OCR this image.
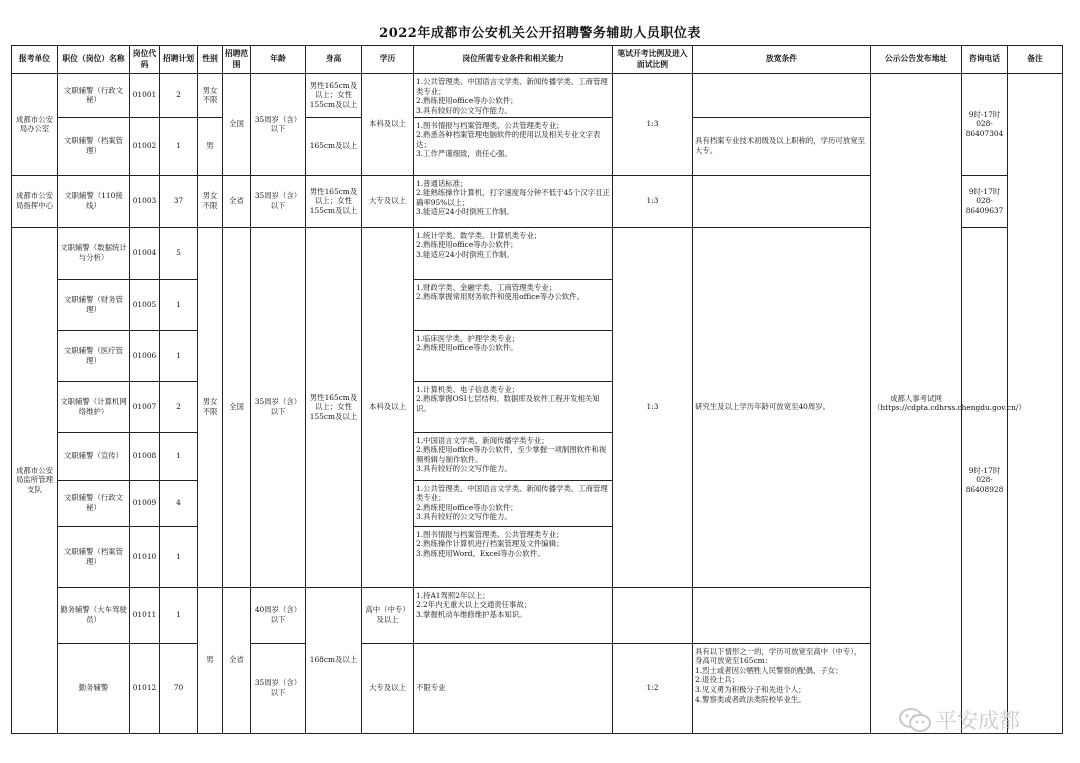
2022年成都市公安机关公开招聘警务辅助人员职位表
报考单位	职位（岗位）名称	岗位代码	招聘计划	性别	招聘范围	年龄	身高	学历	岗位所需专业条件和相关能力	笔试开考比例及进入面试比例	放宽条件	公示公告发布地址	咨询电话	备注
成都市公安局办公室	文职辅警（行政文秘）	01001	2	男女不限	全国	35周岁（含）以下	男性165cm及以上；女性155cm及以上	本科及以上	1.公共管理类、中国语言文学类、新闻传播学类、工商管理类专业；
2.熟练使用office等办公软件；
3.具有较好的公文写作能力。	1:3		成都人事考试网（https://cdpta.cdhrss.chengdu.gov.cn/）	9时-17时
028-86407304	
	文职辅警（档案管理）	01002	1	男			165cm及以上		1.图书情报与档案管理类、公共管理类专业；
2.熟悉各种档案管理电脑软件的使用以及相关专业文字表达；
3.工作严谨细致，责任心强。		具有档案专业技术初级及以上职称的，学历可放宽至大专。			
成都市公安局指挥中心	文职辅警（110接线）	01003	37	男女不限	全省	35周岁（含）以下	男性165cm及以上；女性155cm及以上	大专及以上	1.普通话标准；
2.能熟练操作计算机，打字速度每分钟不低于45个汉字且正确率95%以上；
3.能适应24小时倒班工作制。	1:3			9时-17时
028-86409637	
成都市公安局监所管理支队	文职辅警（数据统计与分析）	01004	5	男女不限	全国	35周岁（含）以下	男性165cm及以上；女性155cm及以上	本科及以上	1.统计学类、数学类、计算机类专业；
2.熟练使用office等办公软件；
3.能适应24小时倒班工作制。	1:3	研究生及以上学历年龄可放宽至40周岁。		9时-17时
028-86408928	
	文职辅警（财务管理）	01005	1						1.财政学类、金融学类、工商管理类专业；
2.熟练掌握常用财务软件和使用office等办公软件。					
	文职辅警（医疗管理）	01006	1						1.临床医学类、护理学类专业；
2.熟练使用office等办公软件。					
	文职辅警（计算机网络维护）	01007	2						1.计算机类、电子信息类专业；
2.熟练掌握OSI七层结构、数据库及软件工程开发相关知识。					
	文职辅警（宣传）	01008	1						1.中国语言文学类、新闻传播学类专业；
2.熟练使用office等办公软件，至少掌握一项制图软件和视频剪辑与制作软件。
3.具有较好的公文写作能力。					
	文职辅警（行政文秘）	01009	4						1.公共管理类、中国语言文学类、新闻传播学类、工商管理类专业；
2.熟练使用office等办公软件；
3.具有较好的公文写作能力。					
	文职辅警（档案管理）	01010	1						1.图书情报与档案管理类、公共管理类专业；
2.熟练操作计算机进行档案管理及文件编辑；
3.熟练使用Word、Excel等办公软件。					
	勤务辅警（大车驾驶员）	01011	1	男	全省	40周岁（含）以下	168cm及以上	高中（中专）及以上	1.持A1驾照2年以上；
2.2年内无重大以上交通责任事故；
3.掌握机动车维修维护基本知识。					
	勤务辅警	01012	70			35周岁（含）以下		大专及以上	不限专业	1:2	具有以下情形之一的，学历可放宽至高中（中专），身高可放宽至165cm：
1.烈士或者因公牺牲人民警察的配偶、子女；
2.退役士兵；
3.见义勇为积极分子和先进个人；
4.警察类或者政法类院校毕业生。			
平安成都
